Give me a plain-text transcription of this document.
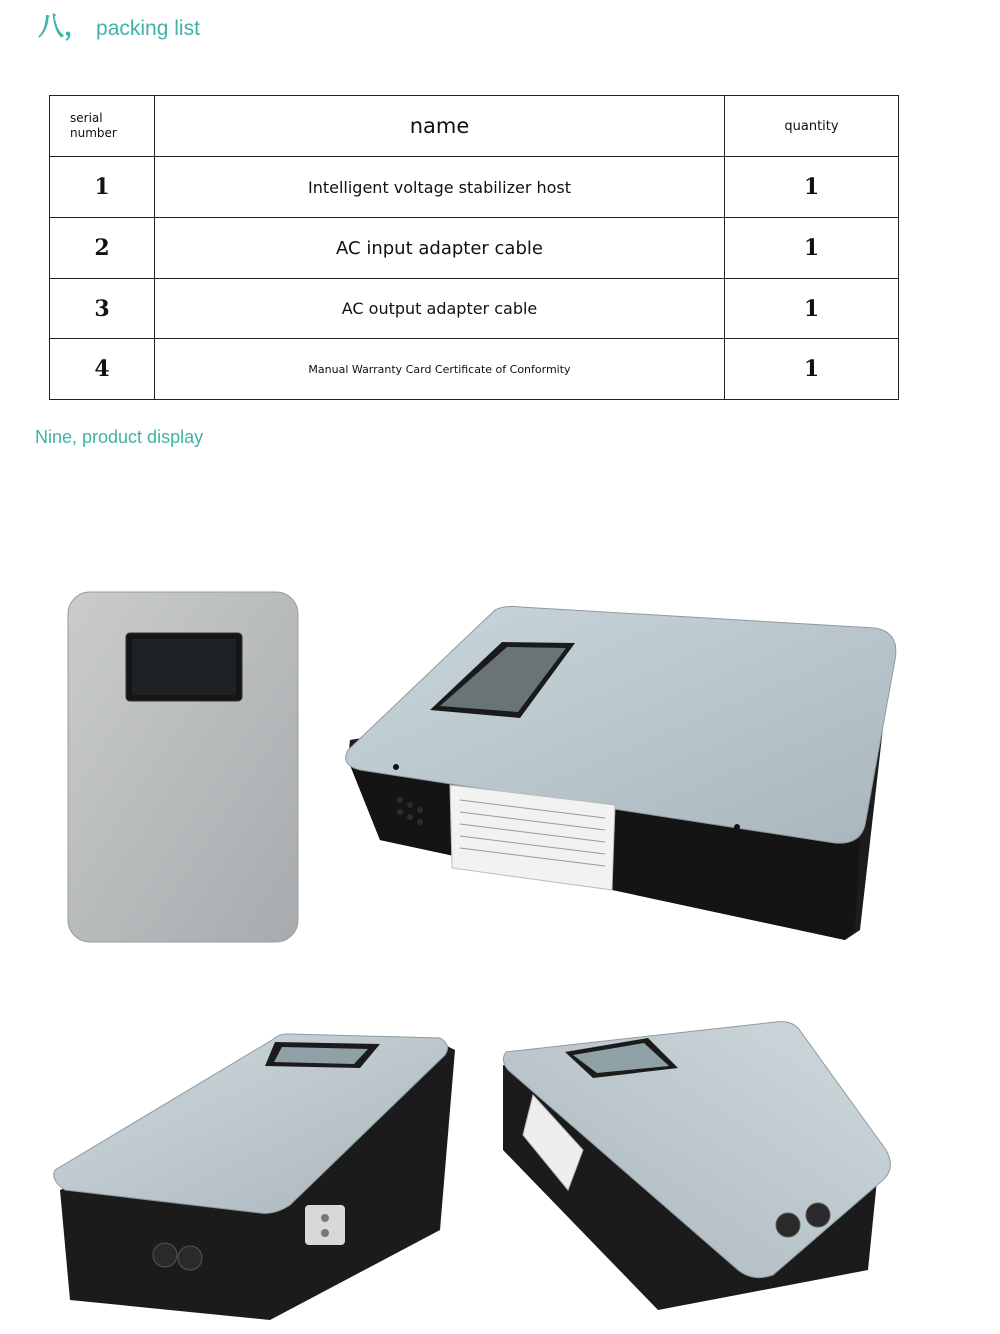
八， packing list
serial
number	name	quantity
1	Intelligent voltage stabilizer host	1
2	AC input adapter cable	1
3	AC output adapter cable	1
4	Manual Warranty Card Certificate of Conformity	1
Nine, product display
